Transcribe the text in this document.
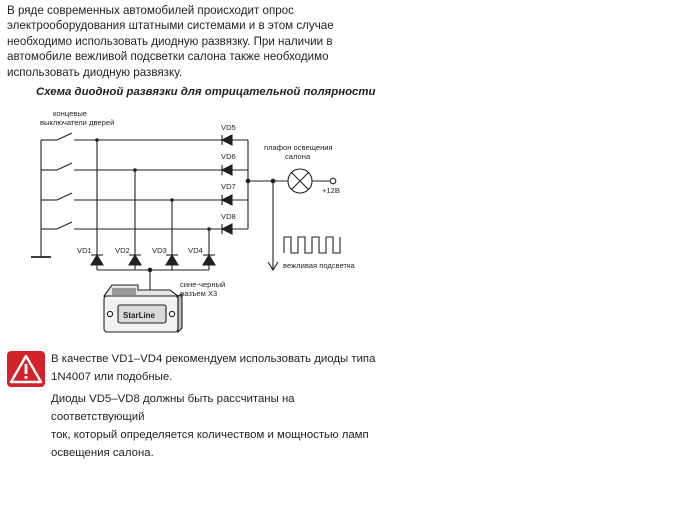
В ряде современных автомобилей происходит опрос
электрооборудования штатными системами и в этом случае
необходимо использовать диодную развязку. При наличии в
автомобиле вежливой подсветки салона также необходимо
использовать диодную развязку.

Схема диодной развязки для отрицательной полярности

StarLine
концевые
выключатели дверей
VD5
VD6
VD7
VD8
VD1	VD2	VD3	VD4
плафон освещения
салона
+12В
вежливая подсветка
сине-черный
разъем X3

В качестве VD1–VD4 рекомендуем использовать диоды типа
1N4007 или подобные.

Диоды VD5–VD8 должны быть рассчитаны на соответствующий
ток, который определяется количеством и мощностью ламп
освещения салона.
